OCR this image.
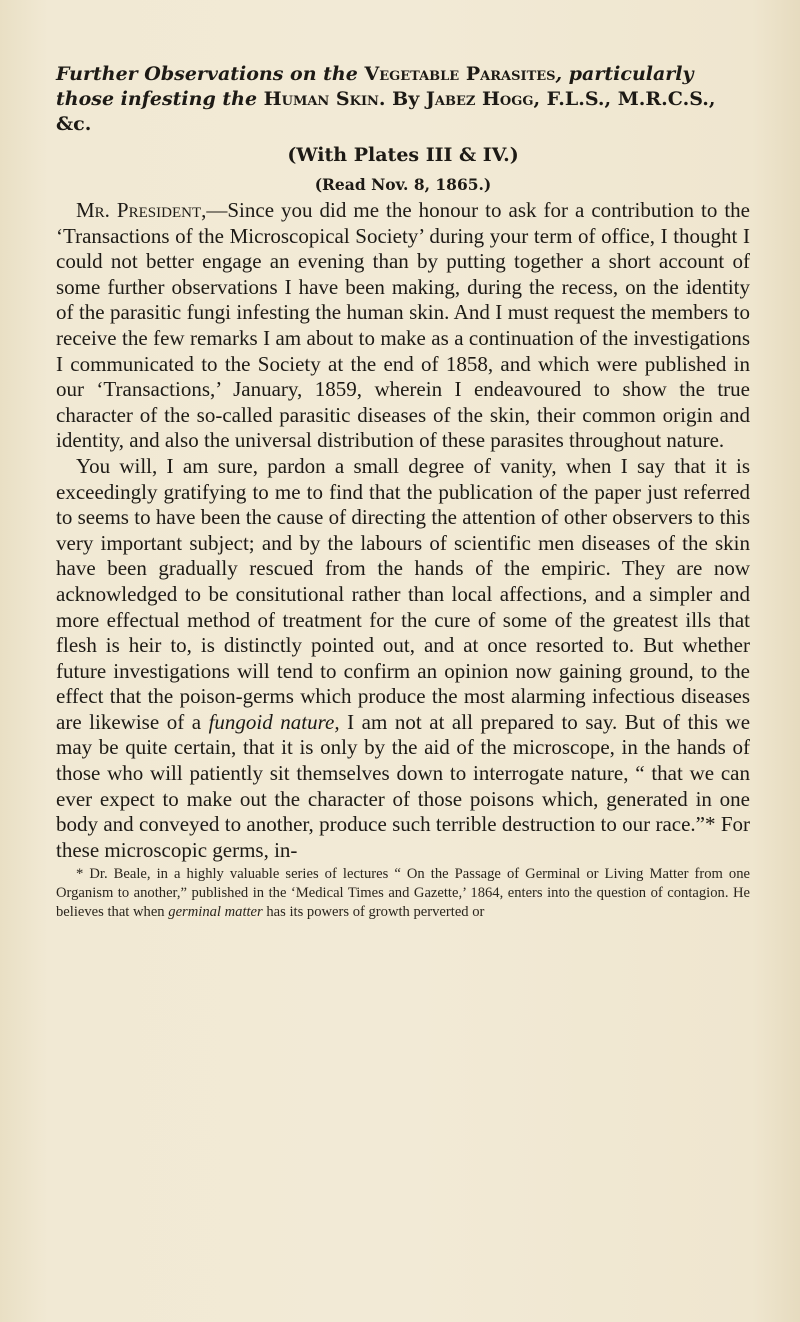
Further Observations on the Vegetable Parasites, particularly those infesting the Human Skin. By Jabez Hogg, F.L.S., M.R.C.S., &c.

(With Plates III & IV.)

(Read Nov. 8, 1865.)

Mr. President,—Since you did me the honour to ask for a contribution to the ‘Transactions of the Microscopical Society’ during your term of office, I thought I could not better engage an evening than by putting together a short account of some further observations I have been making, during the recess, on the identity of the parasitic fungi infesting the human skin. And I must request the members to receive the few remarks I am about to make as a continuation of the investigations I communicated to the Society at the end of 1858, and which were published in our ‘Transactions,’ January, 1859, wherein I endeavoured to show the true character of the so-called parasitic diseases of the skin, their common origin and identity, and also the universal distribution of these parasites throughout nature.

You will, I am sure, pardon a small degree of vanity, when I say that it is exceedingly gratifying to me to find that the publication of the paper just referred to seems to have been the cause of directing the attention of other observers to this very important subject; and by the labours of scientific men diseases of the skin have been gradually rescued from the hands of the empiric. They are now acknowledged to be consitutional rather than local affections, and a simpler and more effectual method of treatment for the cure of some of the greatest ills that flesh is heir to, is distinctly pointed out, and at once resorted to. But whether future investigations will tend to confirm an opinion now gaining ground, to the effect that the poison-germs which produce the most alarming infectious diseases are likewise of a fungoid nature, I am not at all prepared to say. But of this we may be quite certain, that it is only by the aid of the microscope, in the hands of those who will patiently sit themselves down to interrogate nature, “ that we can ever expect to make out the character of those poisons which, generated in one body and conveyed to another, produce such terrible destruction to our race.”* For these microscopic germs, in-

* Dr. Beale, in a highly valuable series of lectures “ On the Passage of Germinal or Living Matter from one Organism to another,” published in the ‘Medical Times and Gazette,’ 1864, enters into the question of contagion. He believes that when germinal matter has its powers of growth perverted or
